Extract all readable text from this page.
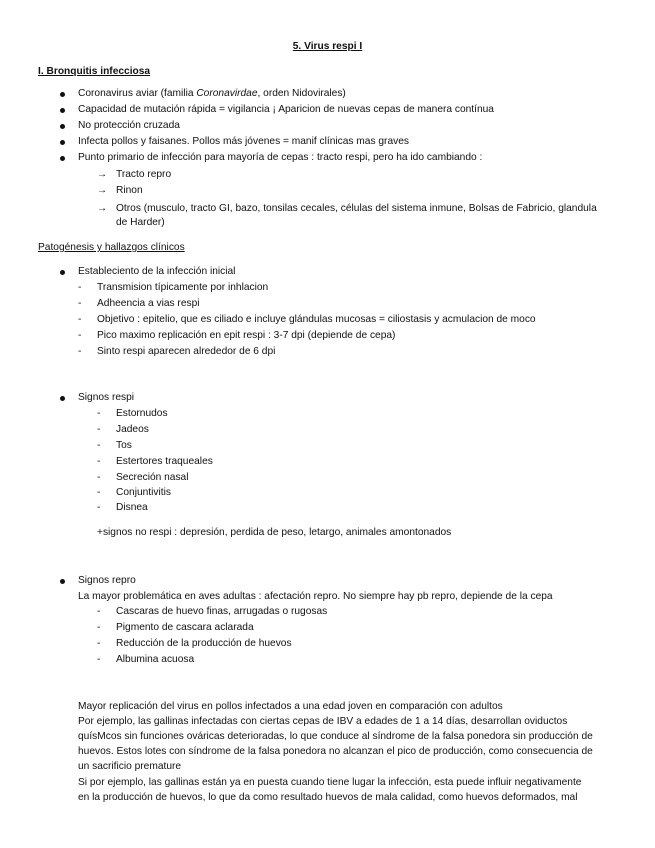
5. Virus respi I
I. Bronquitis infecciosa
Coronavirus aviar (familia Coronavirdae, orden Nidovirales)
Capacidad de mutación rápida = vigilancia ¡ Aparicion de nuevas cepas de manera contínua
No protección cruzada
Infecta pollos y faisanes. Pollos más jóvenes = manif clínicas mas graves
Punto primario de infección para mayoría de cepas : tracto respi, pero ha ido cambiando :
→ Tracto repro
→ Rinon
→ Otros (musculo, tracto GI, bazo, tonsilas cecales, células del sistema inmune, Bolsas de Fabricio, glandula
de Harder)
Patogénesis y hallazgos clínicos
Estableciento de la infección inicial
- Transmision típicamente por inhlacion
- Adheencia a vias respi
- Objetivo : epitelio, que es ciliado e incluye glándulas mucosas = ciliostasis y acmulacion de moco
- Pico maximo replicación en epit respi : 3-7 dpi (depiende de cepa)
- Sinto respi aparecen alrededor de 6 dpi
Signos respi
- Estornudos
- Jadeos
- Tos
- Estertores traqueales
- Secreción nasal
- Conjuntivitis
- Disnea
+signos no respi : depresión, perdida de peso, letargo, animales amontonados
Signos repro
La mayor problemática en aves adultas : afectación repro. No siempre hay pb repro, depiende de la cepa
- Cascaras de huevo finas, arrugadas o rugosas
- Pigmento de cascara aclarada
- Reducción de la producción de huevos
- Albumina acuosa
Mayor replicación del virus en pollos infectados a una edad joven en comparación con adultos
Por ejemplo, las gallinas infectadas con ciertas cepas de IBV a edades de 1 a 14 días, desarrollan oviductos
quísMcos sin funciones ováricas deterioradas, lo que conduce al síndrome de la falsa ponedora sin producción de
huevos. Estos lotes con síndrome de la falsa ponedora no alcanzan el pico de producción, como consecuencia de
un sacrificio premature
Si por ejemplo, las gallinas están ya en puesta cuando tiene lugar la infección, esta puede influir negativamente
en la producción de huevos, lo que da como resultado huevos de mala calidad, como huevos deformados, mal
